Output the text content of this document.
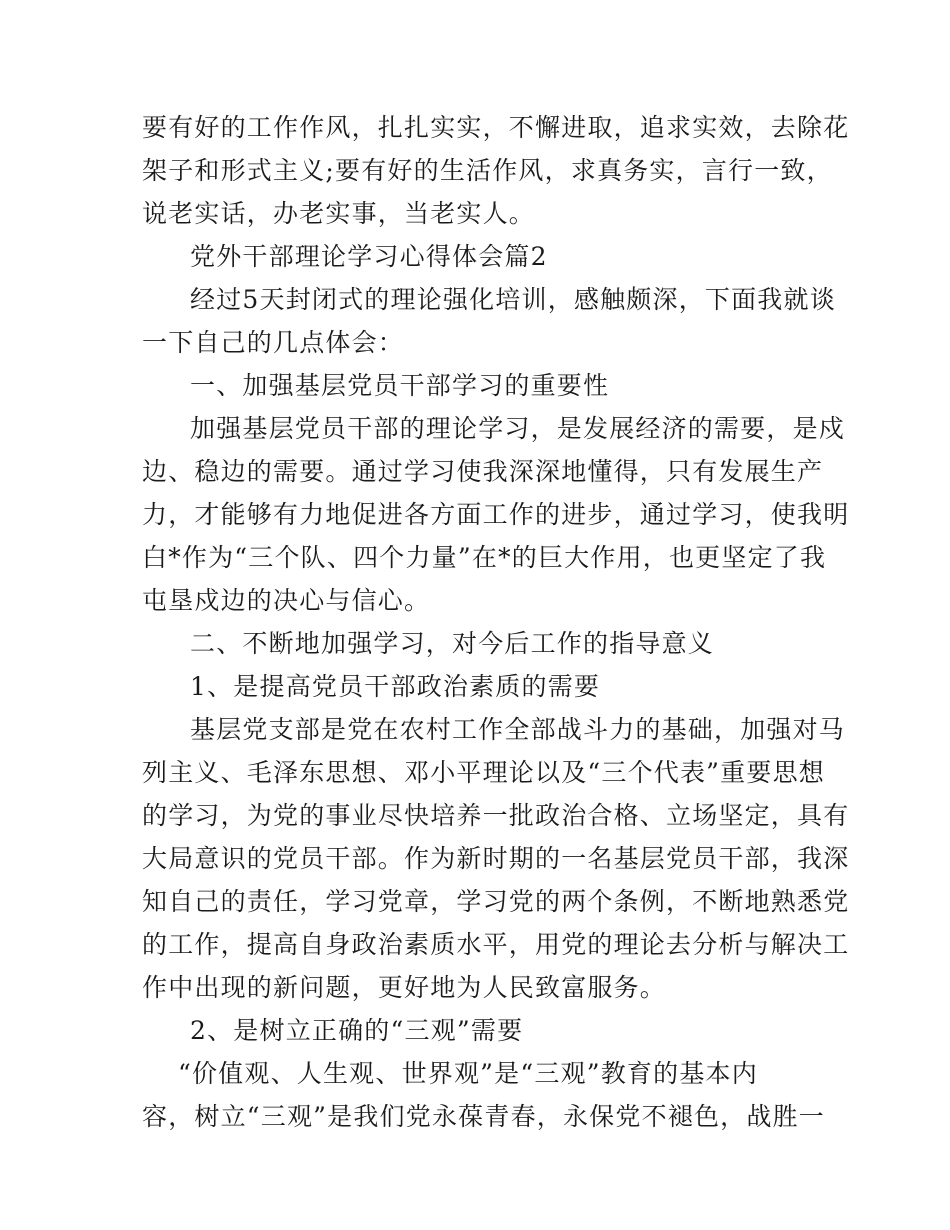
要有好的工作作风，扎扎实实，不懈进取，追求实效，去除花
架子和形式主义;要有好的生活作风，求真务实，言行一致，
说老实话，办老实事，当老实人。
党外干部理论学习心得体会篇2
经过5天封闭式的理论强化培训，感触颇深，下面我就谈
一下自己的几点体会：
一、加强基层党员干部学习的重要性
加强基层党员干部的理论学习，是发展经济的需要，是戍
边、稳边的需要。通过学习使我深深地懂得，只有发展生产
力，才能够有力地促进各方面工作的进步，通过学习，使我明
白*作为“三个队、四个力量”在*的巨大作用，也更坚定了我
屯垦戍边的决心与信心。
二、不断地加强学习，对今后工作的指导意义
1、是提高党员干部政治素质的需要
基层党支部是党在农村工作全部战斗力的基础，加强对马
列主义、毛泽东思想、邓小平理论以及“三个代表”重要思想
的学习，为党的事业尽快培养一批政治合格、立场坚定，具有
大局意识的党员干部。作为新时期的一名基层党员干部，我深
知自己的责任，学习党章，学习党的两个条例，不断地熟悉党
的工作，提高自身政治素质水平，用党的理论去分析与解决工
作中出现的新问题，更好地为人民致富服务。
2、是树立正确的“三观”需要
“价值观、人生观、世界观”是“三观”教育的基本内
容，树立“三观”是我们党永葆青春，永保党不褪色，战胜一
